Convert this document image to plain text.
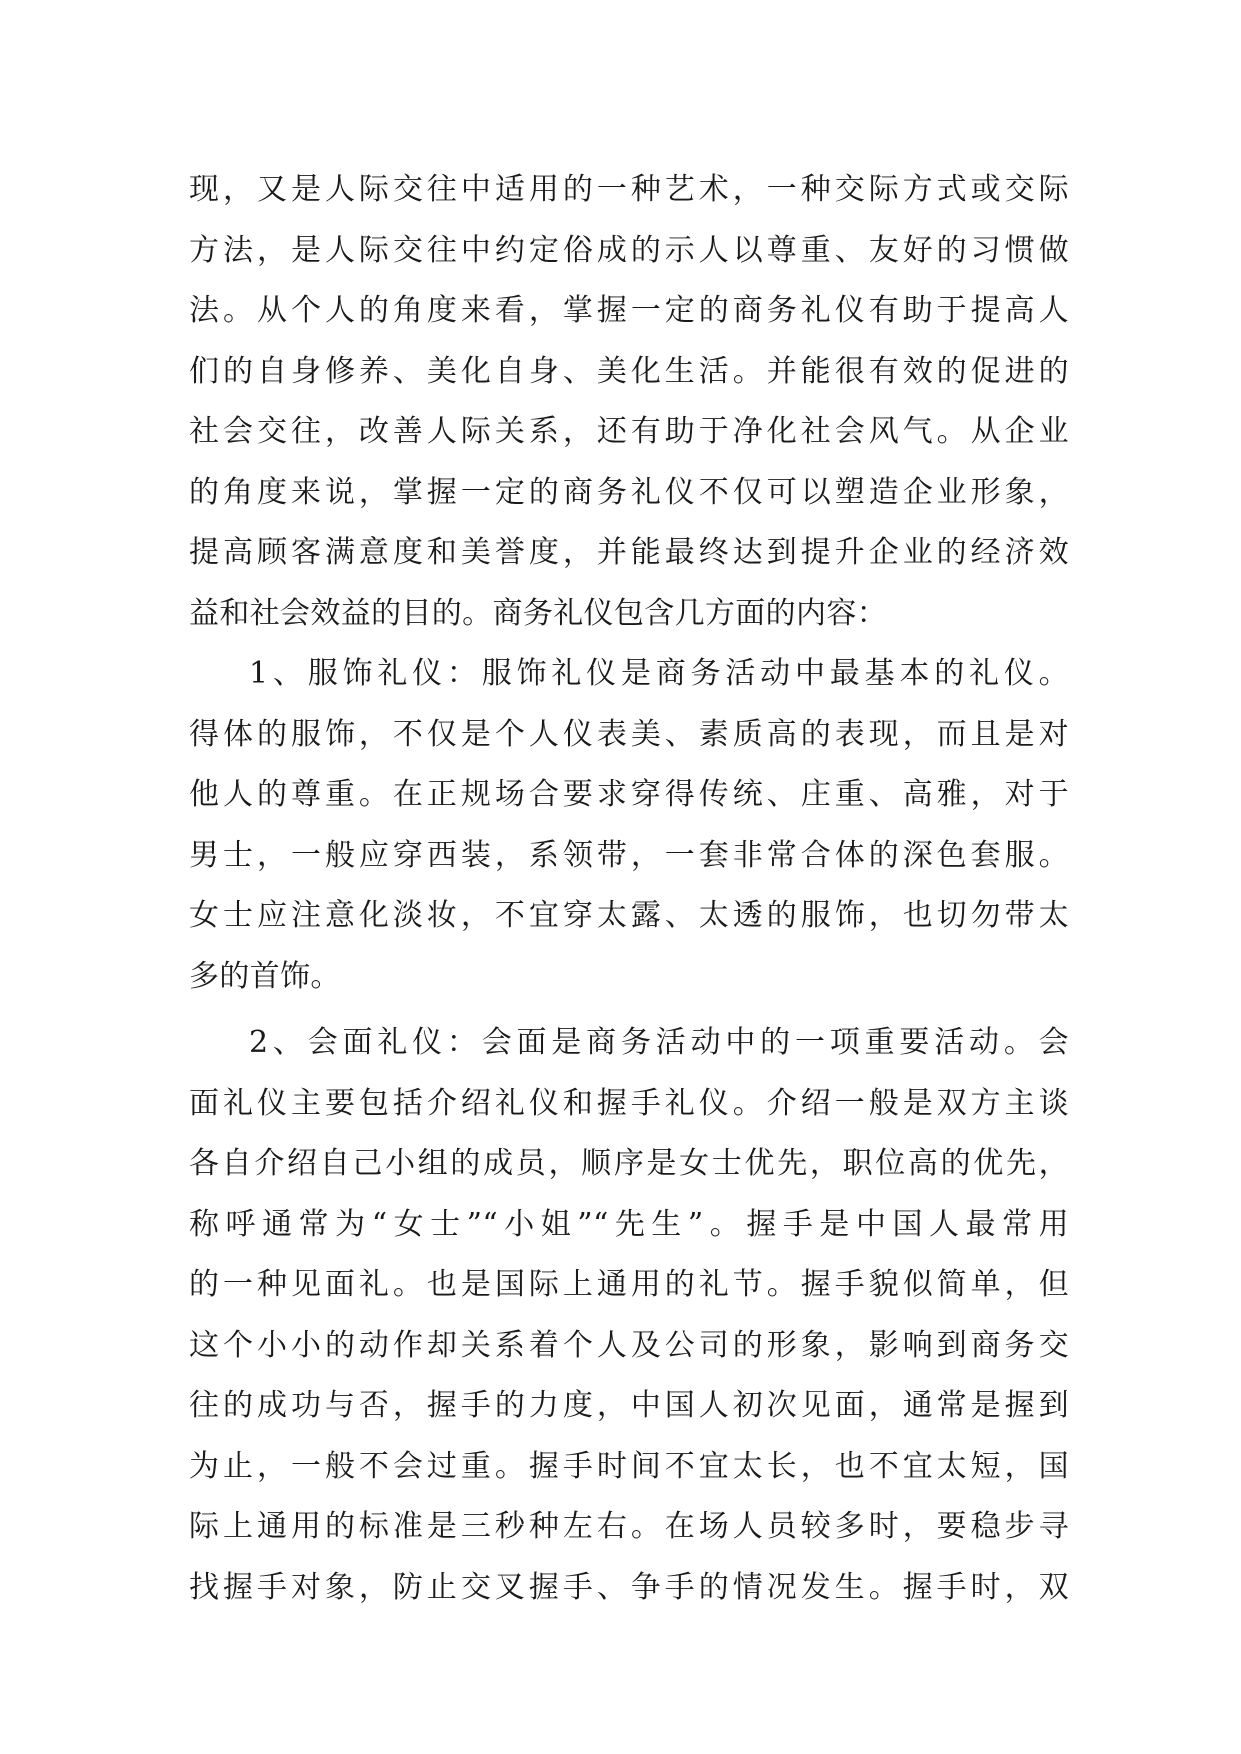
现，又是人际交往中适用的一种艺术，一种交际方式或交际
方法，是人际交往中约定俗成的示人以尊重、友好的习惯做
法。从个人的角度来看，掌握一定的商务礼仪有助于提高人
们的自身修养、美化自身、美化生活。并能很有效的促进的
社会交往，改善人际关系，还有助于净化社会风气。从企业
的角度来说，掌握一定的商务礼仪不仅可以塑造企业形象，
提高顾客满意度和美誉度，并能最终达到提升企业的经济效
益和社会效益的目的。商务礼仪包含几方面的内容：
1、服饰礼仪：服饰礼仪是商务活动中最基本的礼仪。
得体的服饰，不仅是个人仪表美、素质高的表现，而且是对
他人的尊重。在正规场合要求穿得传统、庄重、高雅，对于
男士，一般应穿西装，系领带，一套非常合体的深色套服。
女士应注意化淡妆，不宜穿太露、太透的服饰，也切勿带太
多的首饰。
2、会面礼仪：会面是商务活动中的一项重要活动。会
面礼仪主要包括介绍礼仪和握手礼仪。介绍一般是双方主谈
各自介绍自己小组的成员，顺序是女士优先，职位高的优先，
称呼通常为“女士”“小姐”“先生”。握手是中国人最常用
的一种见面礼。也是国际上通用的礼节。握手貌似简单，但
这个小小的动作却关系着个人及公司的形象，影响到商务交
往的成功与否，握手的力度，中国人初次见面，通常是握到
为止，一般不会过重。握手时间不宜太长，也不宜太短，国
际上通用的标准是三秒种左右。在场人员较多时，要稳步寻
找握手对象，防止交叉握手、争手的情况发生。握手时，双
